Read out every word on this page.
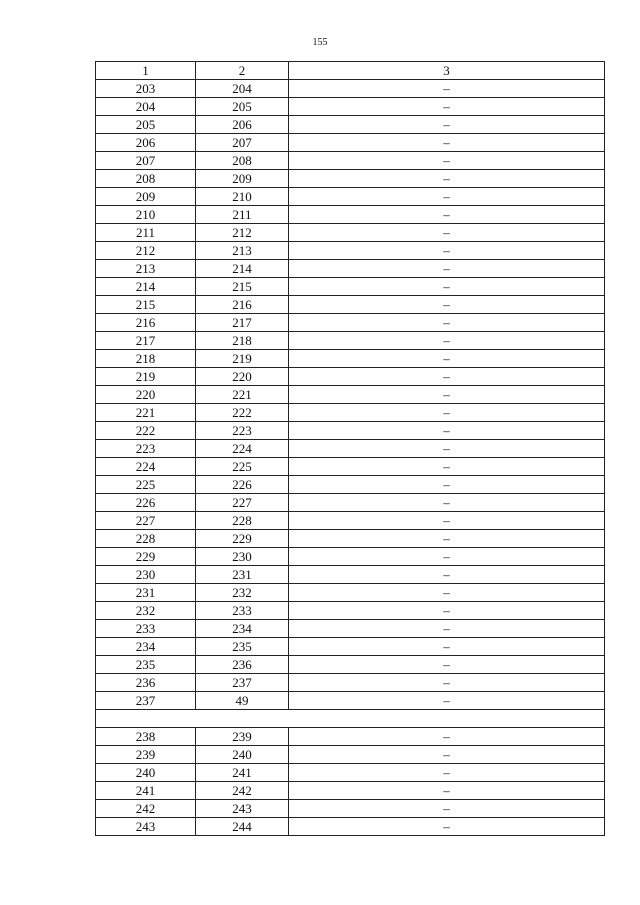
155
1	2	3
203	204	–
204	205	–
205	206	–
206	207	–
207	208	–
208	209	–
209	210	–
210	211	–
211	212	–
212	213	–
213	214	–
214	215	–
215	216	–
216	217	–
217	218	–
218	219	–
219	220	–
220	221	–
221	222	–
222	223	–
223	224	–
224	225	–
225	226	–
226	227	–
227	228	–
228	229	–
229	230	–
230	231	–
231	232	–
232	233	–
233	234	–
234	235	–
235	236	–
236	237	–
237	49	–

238	239	–
239	240	–
240	241	–
241	242	–
242	243	–
243	244	–
